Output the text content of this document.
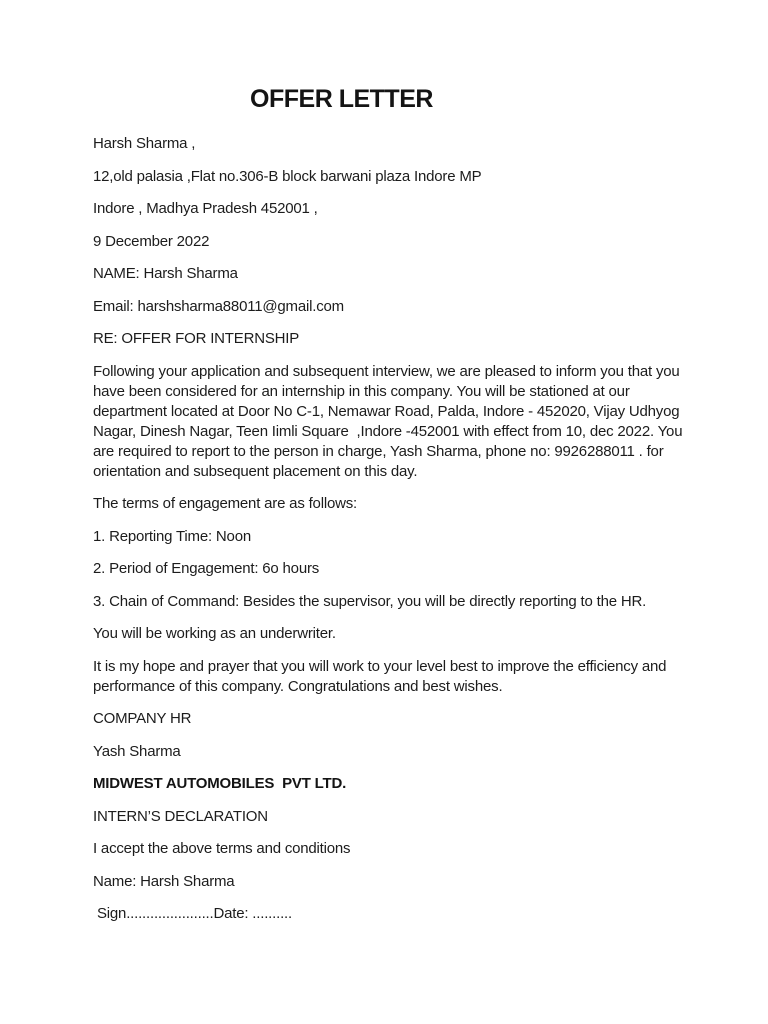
OFFER LETTER

Harsh Sharma ,

12,old palasia ,Flat no.306-B block barwani plaza Indore MP

Indore , Madhya Pradesh 452001 ,

9 December 2022

NAME: Harsh Sharma

Email: harshsharma88011@gmail.com

RE: OFFER FOR INTERNSHIP

Following your application and subsequent interview, we are pleased to inform you that you have been considered for an internship in this company. You will be stationed at our department located at Door No C-1, Nemawar Road, Palda, Indore - 452020, Vijay Udhyog Nagar, Dinesh Nagar, Teen Iimli Square  ,Indore -452001 with effect from 10, dec 2022. You are required to report to the person in charge, Yash Sharma, phone no: 9926288011 . for orientation and subsequent placement on this day.

The terms of engagement are as follows:

1. Reporting Time: Noon

2. Period of Engagement: 6o hours

3. Chain of Command: Besides the supervisor, you will be directly reporting to the HR.

You will be working as an underwriter.

It is my hope and prayer that you will work to your level best to improve the efficiency and performance of this company. Congratulations and best wishes.

COMPANY HR

Yash Sharma

MIDWEST AUTOMOBILES  PVT LTD.

INTERN’S DECLARATION

I accept the above terms and conditions

Name: Harsh Sharma

Sign......................Date: ..........
